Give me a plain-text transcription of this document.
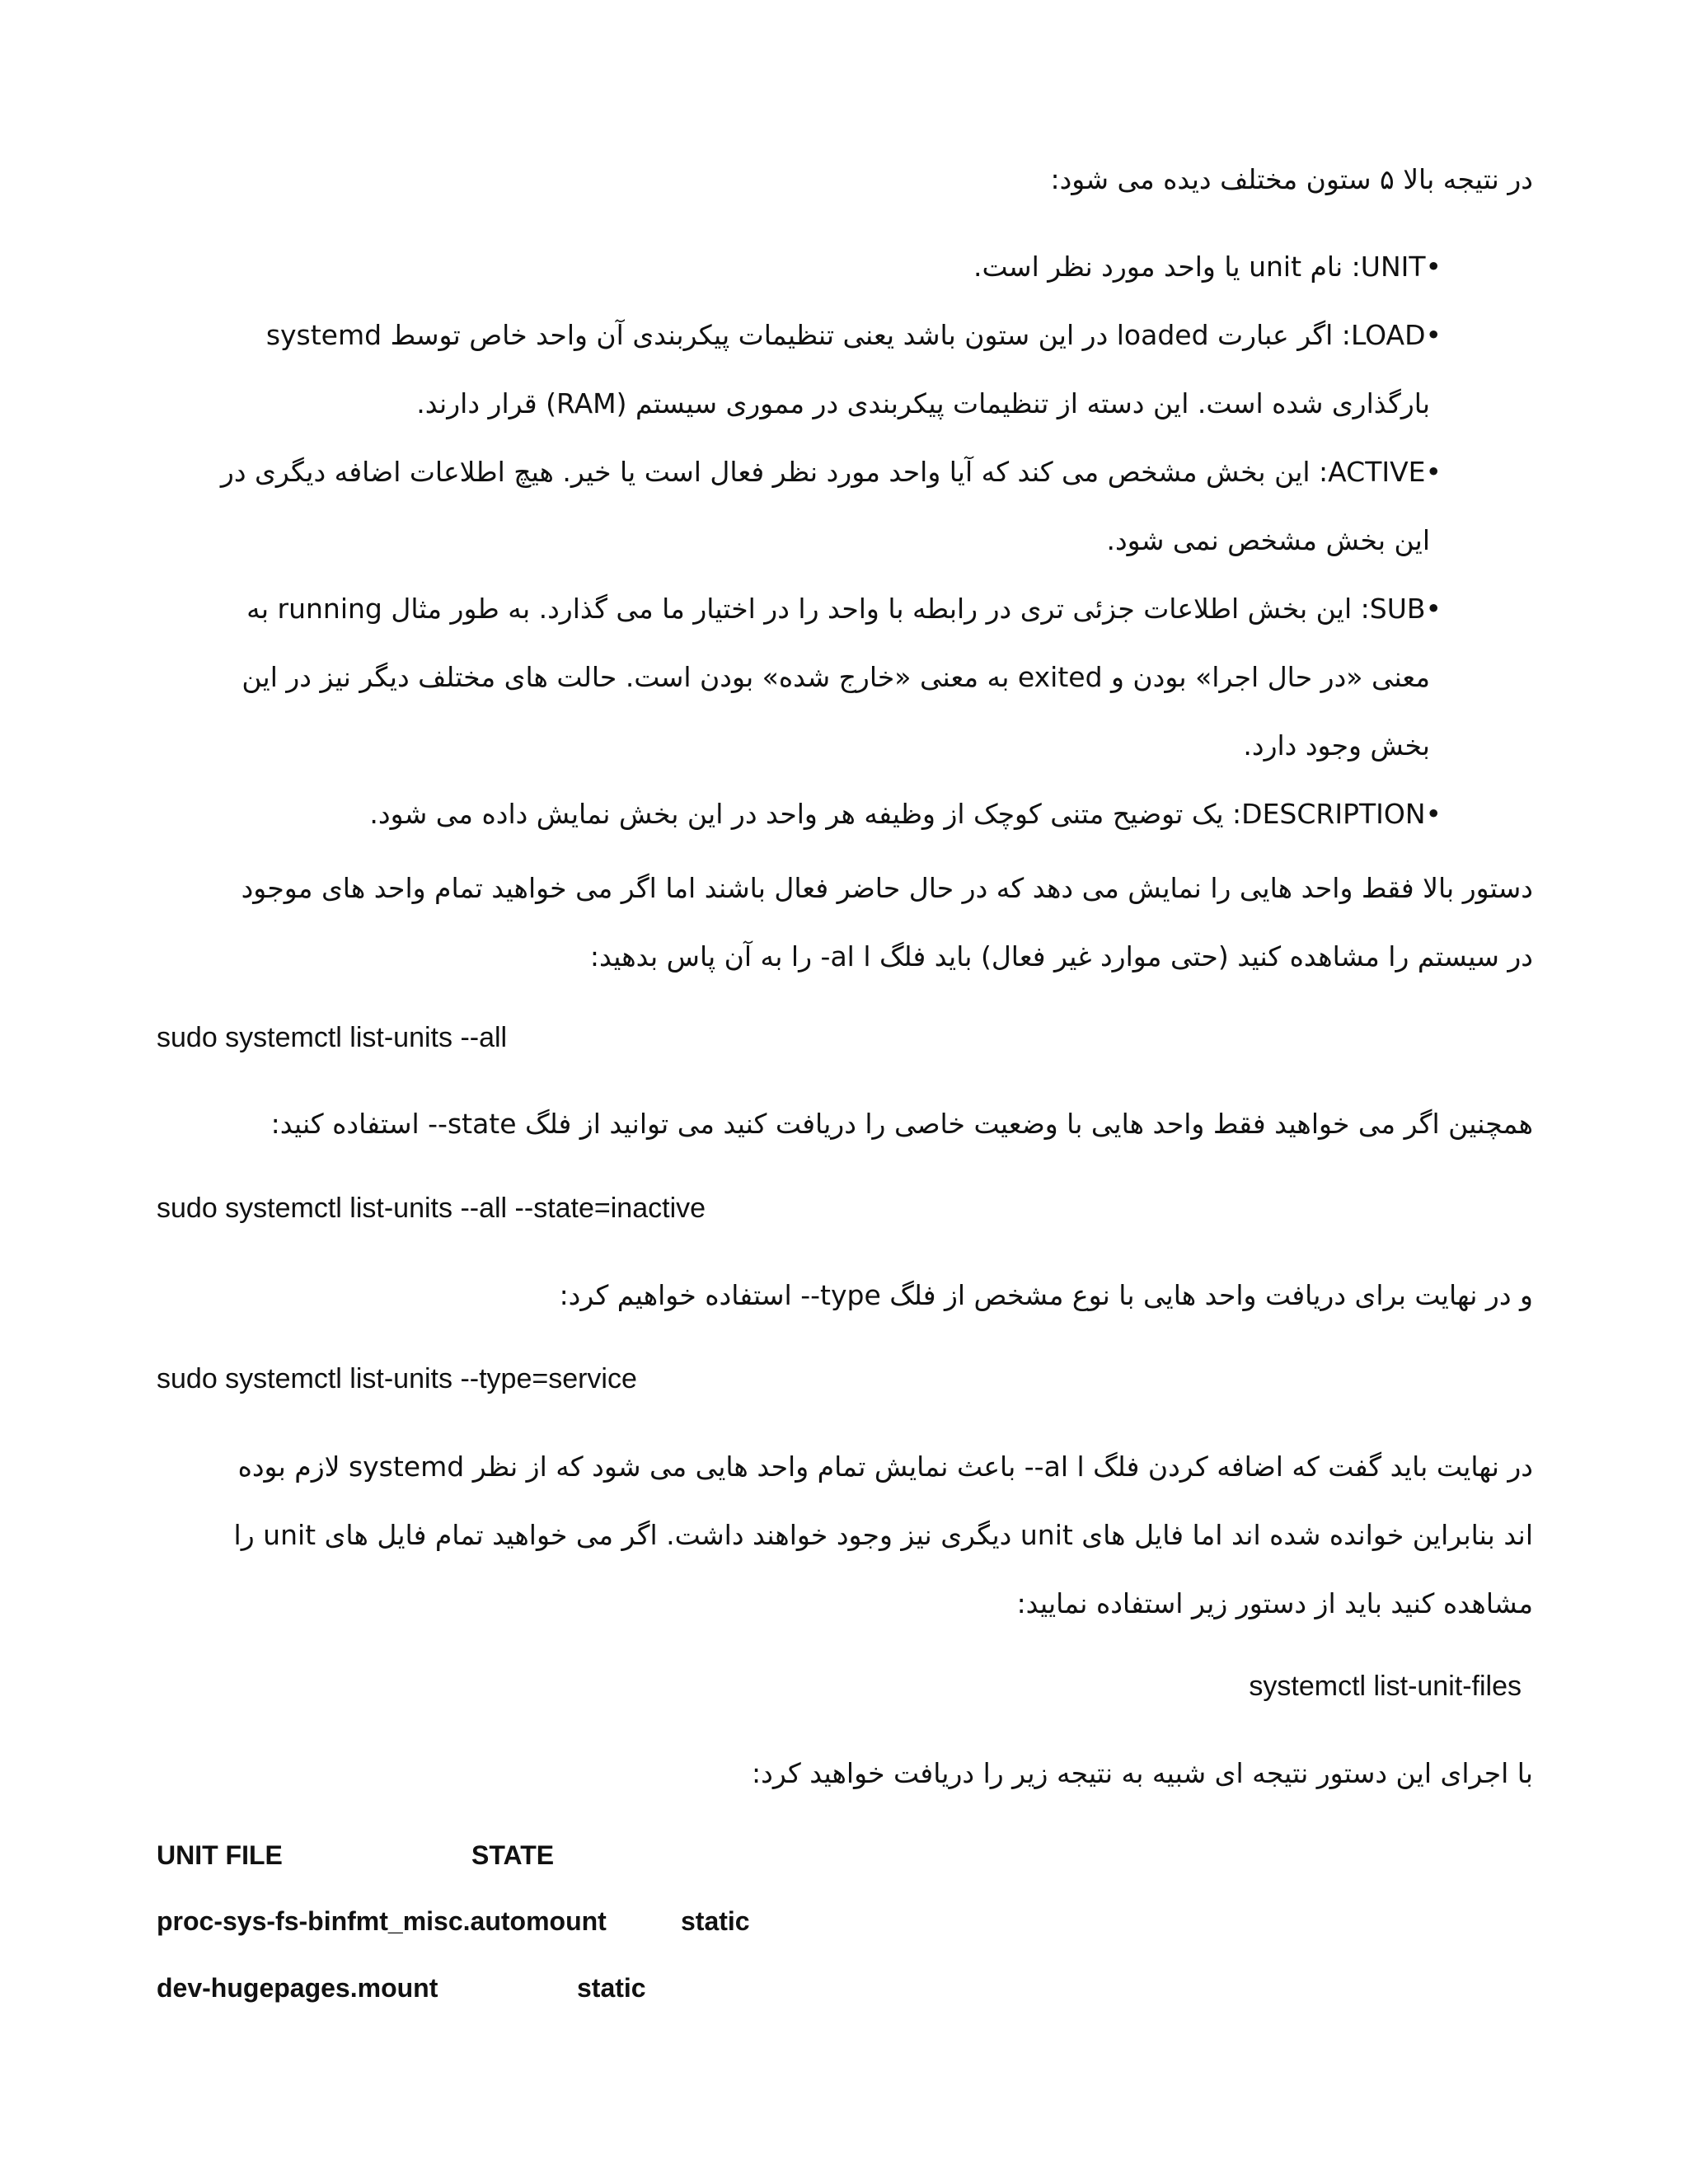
در نتیجه بالا ۵ ستون مختلف دیده می شود:
•UNIT: نام unit یا واحد مورد نظر است.
•LOAD: اگر عبارت loaded در این ستون باشد یعنی تنظیمات پیکربندی آن واحد خاص توسط systemd
بارگذاری شده است. این دسته از تنظیمات پیکربندی در مموری سیستم (RAM) قرار دارند.
•ACTIVE: این بخش مشخص می کند که آیا واحد مورد نظر فعال است یا خیر. هیچ اطلاعات اضافه دیگری در
این بخش مشخص نمی شود.
•SUB: این بخش اطلاعات جزئی تری در رابطه با واحد را در اختیار ما می گذارد. به طور مثال running به
معنی «در حال اجرا» بودن و exited به معنی «خارج شده» بودن است. حالت های مختلف دیگر نیز در این
بخش وجود دارد.
•DESCRIPTION: یک توضیح متنی کوچک از وظیفه هر واحد در این بخش نمایش داده می شود.
دستور بالا فقط واحد هایی را نمایش می دهد که در حال حاضر فعال باشند اما اگر می خواهید تمام واحد های موجود
در سیستم را مشاهده کنید (حتی موارد غیر فعال) باید فلگ al l- را به آن پاس بدهید:
sudo systemctl list-units --all
همچنین اگر می خواهید فقط واحد هایی با وضعیت خاصی را دریافت کنید می توانید از فلگ state-- استفاده کنید:
sudo systemctl list-units --all --state=inactive
و در نهایت برای دریافت واحد هایی با نوع مشخص از فلگ type-- استفاده خواهیم کرد:
sudo systemctl list-units --type=service
در نهایت باید گفت که اضافه کردن فلگ al l-- باعث نمایش تمام واحد هایی می شود که از نظر systemd لازم بوده
اند بنابراین خوانده شده اند اما فایل های unit دیگری نیز وجود خواهند داشت. اگر می خواهید تمام فایل های unit را
مشاهده کنید باید از دستور زیر استفاده نمایید:
systemctl list-unit-files
با اجرای این دستور نتیجه ای شبیه به نتیجه زیر را دریافت خواهید کرد:
UNIT FILE	STATE
proc-sys-fs-binfmt_misc.automount	static
dev-hugepages.mount	static
